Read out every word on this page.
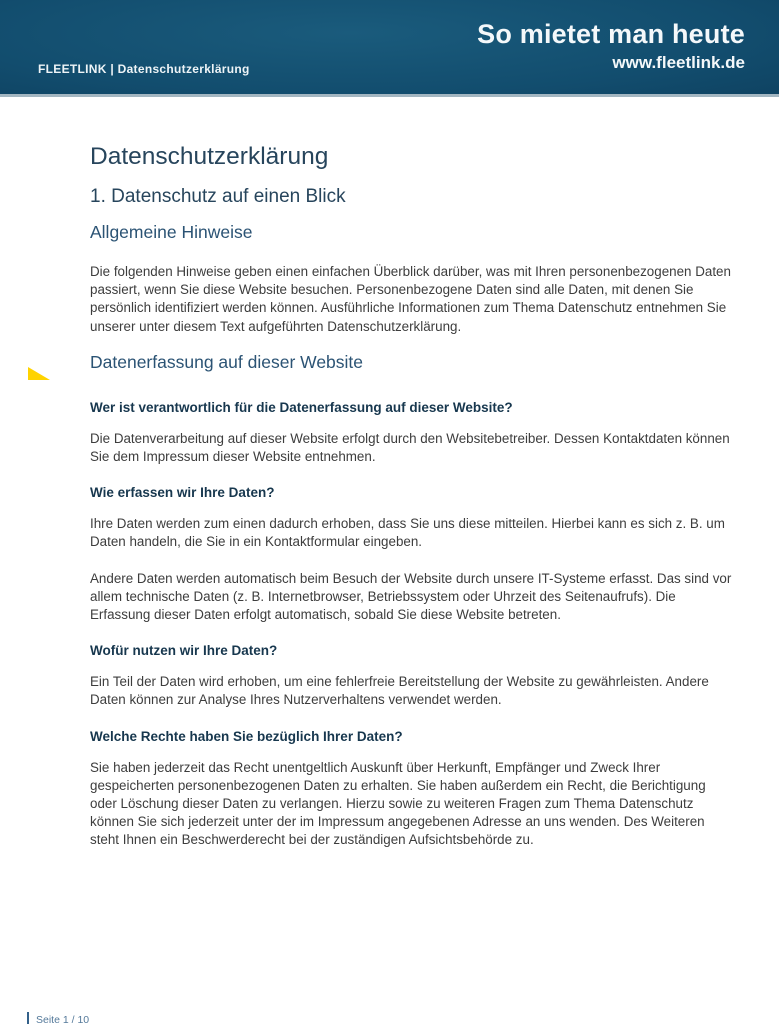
FLEETLINK | Datenschutzerklärung
So mietet man heute
www.fleetlink.de
Datenschutzerklärung
1. Datenschutz auf einen Blick
Allgemeine Hinweise

Die folgenden Hinweise geben einen einfachen Überblick darüber, was mit Ihren personenbezogenen Daten passiert, wenn Sie diese Website besuchen. Personenbezogene Daten sind alle Daten, mit denen Sie persönlich identifiziert werden können. Ausführliche Informationen zum Thema Datenschutz entnehmen Sie unserer unter diesem Text aufgeführten Datenschutzerklärung.

Datenerfassung auf dieser Website
Wer ist verantwortlich für die Datenerfassung auf dieser Website?

Die Datenverarbeitung auf dieser Website erfolgt durch den Websitebetreiber. Dessen Kontaktdaten können Sie dem Impressum dieser Website entnehmen.

Wie erfassen wir Ihre Daten?

Ihre Daten werden zum einen dadurch erhoben, dass Sie uns diese mitteilen. Hierbei kann es sich z. B. um Daten handeln, die Sie in ein Kontaktformular eingeben.

Andere Daten werden automatisch beim Besuch der Website durch unsere IT-Systeme erfasst. Das sind vor allem technische Daten (z. B. Internetbrowser, Betriebssystem oder Uhrzeit des Seitenaufrufs). Die Erfassung dieser Daten erfolgt automatisch, sobald Sie diese Website betreten.

Wofür nutzen wir Ihre Daten?

Ein Teil der Daten wird erhoben, um eine fehlerfreie Bereitstellung der Website zu gewährleisten. Andere Daten können zur Analyse Ihres Nutzerverhaltens verwendet werden.

Welche Rechte haben Sie bezüglich Ihrer Daten?

Sie haben jederzeit das Recht unentgeltlich Auskunft über Herkunft, Empfänger und Zweck Ihrer gespeicherten personenbezogenen Daten zu erhalten. Sie haben außerdem ein Recht, die Berichtigung oder Löschung dieser Daten zu verlangen. Hierzu sowie zu weiteren Fragen zum Thema Datenschutz können Sie sich jederzeit unter der im Impressum angegebenen Adresse an uns wenden. Des Weiteren steht Ihnen ein Beschwerderecht bei der zuständigen Aufsichtsbehörde zu.

Seite 1 / 10
